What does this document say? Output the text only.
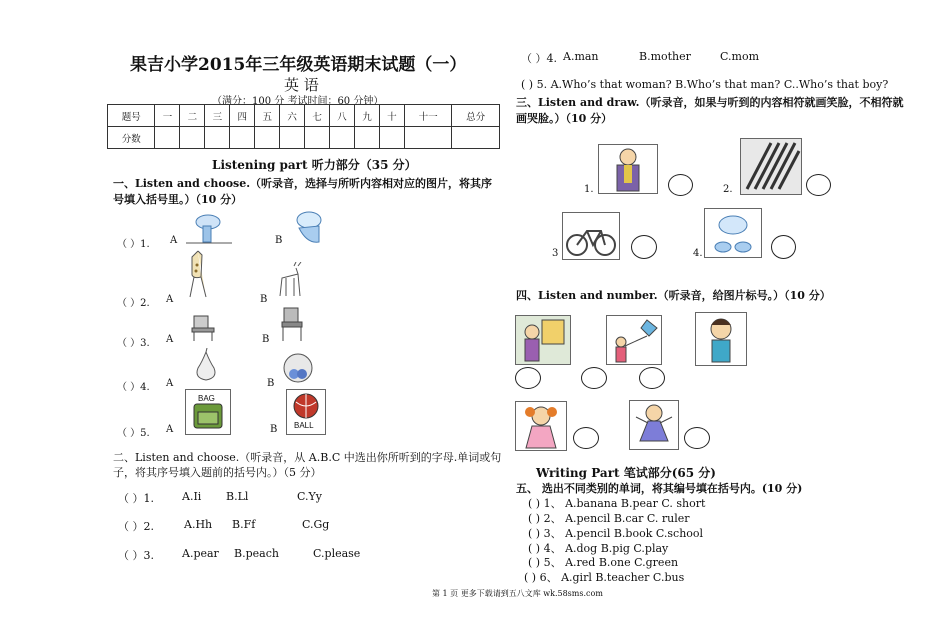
果吉小学2015年三年级英语期末试题（一）
英 语
（满分：100 分 考试时间：60 分钟）
题号	一	二	三	四	五	六	七	八	九	十	十一	总分
分数												
Listening part 听力部分（35 分）
一、Listen and choose.（听录音，选择与所听内容相对应的图片，将其序
号填入括号里。）（10 分）
（ ）1. A	B
（ ）2. A	B
（ ）3. A	B
（ ）4. A	B
（ ）5. A	B
BAG
BALL
二、Listen and choose.（听录音，从 A.B.C 中选出你所听到的字母.单词或句
子，将其序号填入题前的括号内。）（5 分）
（ ）1.	A.Ii B.Ll	C.Yy
（ ）2.	A.Hh B.Ff	C.Gg
（ ）3.	A.pear B.peach	C.please
（ ）4. A.man	B.mother	C.mom
( ) 5. A.Who’s that woman? B.Who’s that man? C..Who’s that boy?
三、Listen and draw.（听录音，如果与听到的内容相符就画笑脸，不相符就
画哭脸。）（10 分）
1.	2.
3	4.
四、Listen and number.（听录音，给图片标号。）（10 分）
Writing Part 笔试部分(65 分)
五、 选出不同类别的单词，将其编号填在括号内。(10 分)
( ) 1、 A.banana B.pear C. short
( ) 2、 A.pencil B.car C. ruler
( ) 3、 A.pencil B.book C.school
( ) 4、 A.dog B.pig C.play
( ) 5、 A.red B.one C.green
( ) 6、 A.girl B.teacher C.bus
第 1 页 更多下载请到五八文库 wk.58sms.com
